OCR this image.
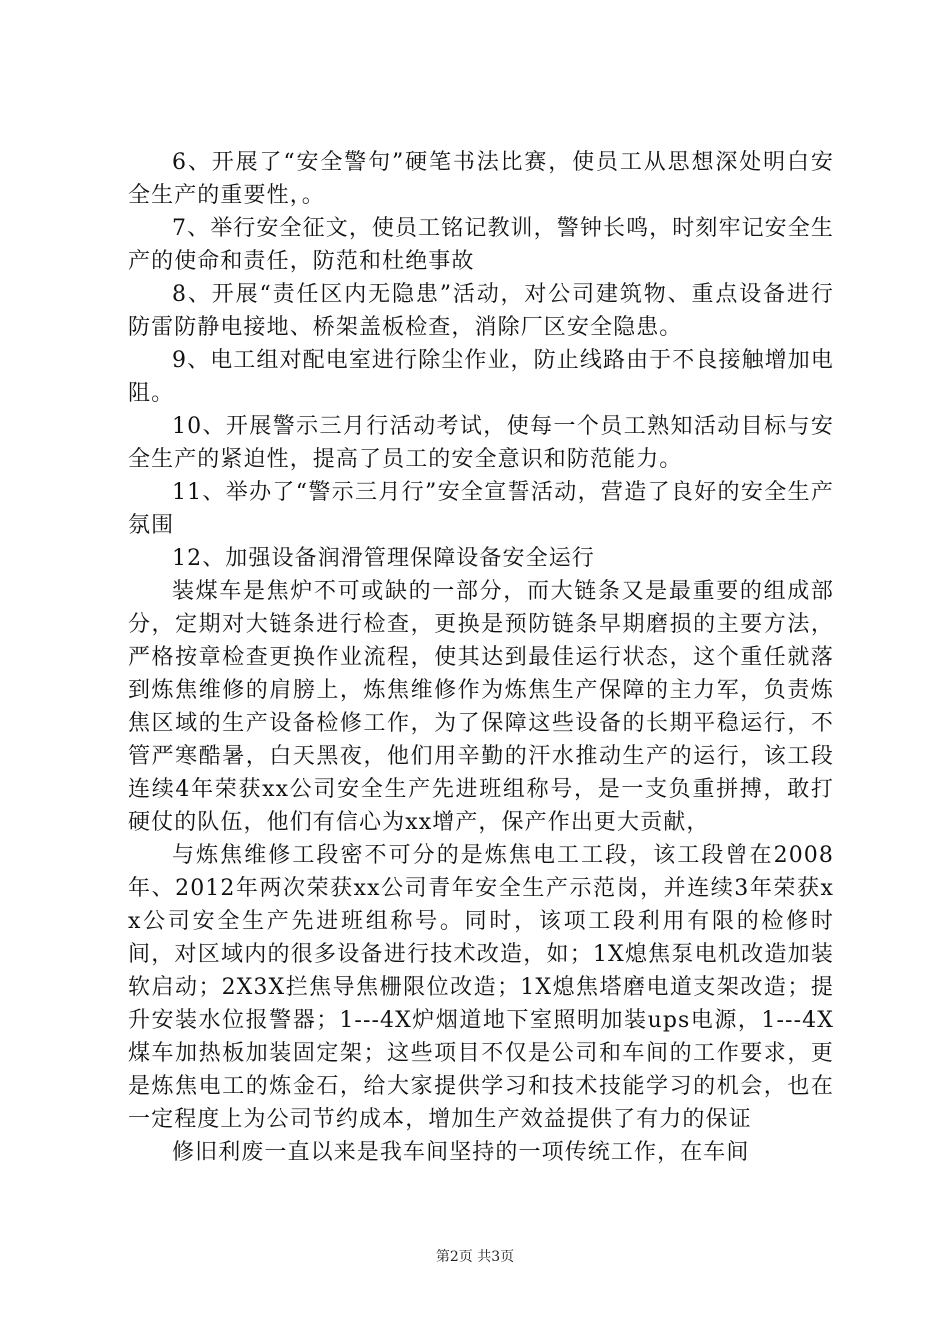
6、开展了“安全警句”硬笔书法比赛，使员工从思想深处明白安全生产的重要性，。

7、举行安全征文，使员工铭记教训，警钟长鸣，时刻牢记安全生产的使命和责任，防范和杜绝事故

8、开展“责任区内无隐患”活动，对公司建筑物、重点设备进行防雷防静电接地、桥架盖板检查，消除厂区安全隐患。

9、电工组对配电室进行除尘作业，防止线路由于不良接触增加电阻。

10、开展警示三月行活动考试，使每一个员工熟知活动目标与安全生产的紧迫性，提高了员工的安全意识和防范能力。

11、举办了“警示三月行”安全宣誓活动，营造了良好的安全生产氛围

12、加强设备润滑管理保障设备安全运行

装煤车是焦炉不可或缺的一部分，而大链条又是最重要的组成部分，定期对大链条进行检查，更换是预防链条早期磨损的主要方法，严格按章检查更换作业流程，使其达到最佳运行状态，这个重任就落到炼焦维修的肩膀上，炼焦维修作为炼焦生产保障的主力军，负责炼焦区域的生产设备检修工作，为了保障这些设备的长期平稳运行，不管严寒酷暑，白天黑夜，他们用辛勤的汗水推动生产的运行，该工段连续4年荣获xx公司安全生产先进班组称号，是一支负重拼搏，敢打硬仗的队伍，他们有信心为xx增产，保产作出更大贡献，

与炼焦维修工段密不可分的是炼焦电工工段，该工段曾在2008年、2012年两次荣获xx公司青年安全生产示范岗，并连续3年荣获xx公司安全生产先进班组称号。同时，该项工段利用有限的检修时间，对区域内的很多设备进行技术改造，如；1X熄焦泵电机改造加装软启动；2X3X拦焦导焦栅限位改造；1X熄焦塔磨电道支架改造；提升安装水位报警器；1---4X炉烟道地下室照明加装ups电源，1---4X煤车加热板加装固定架；这些项目不仅是公司和车间的工作要求，更是炼焦电工的炼金石，给大家提供学习和技术技能学习的机会，也在一定程度上为公司节约成本，增加生产效益提供了有力的保证

修旧利废一直以来是我车间坚持的一项传统工作，在车间

第2页 共3页
